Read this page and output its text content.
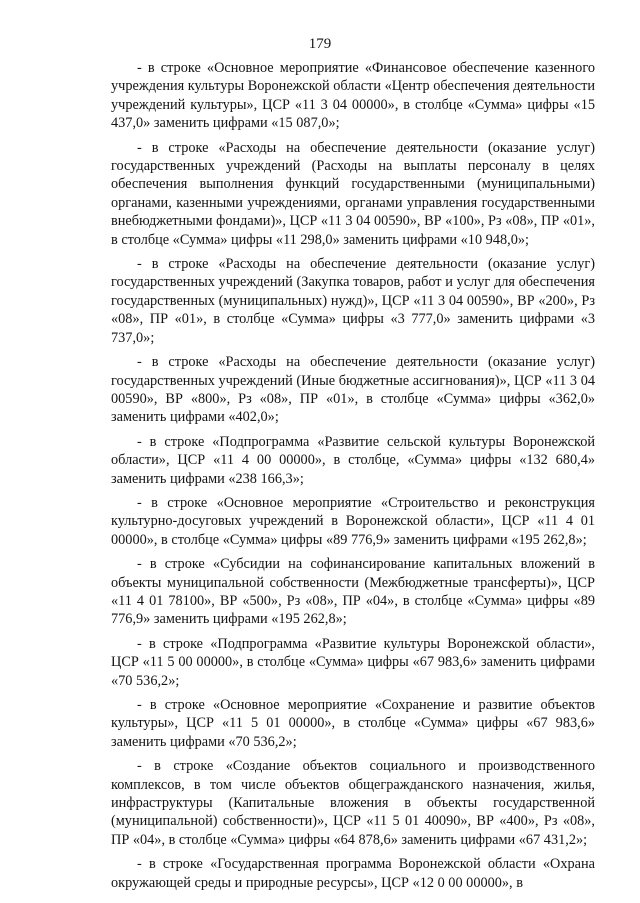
179

- в строке «Основное мероприятие «Финансовое обеспечение казенного учреждения культуры Воронежской области «Центр обеспечения деятельности учреждений культуры», ЦСР «11 3 04 00000», в столбце «Сумма» цифры «15 437,0» заменить цифрами «15 087,0»;

- в строке «Расходы на обеспечение деятельности (оказание услуг) государственных учреждений (Расходы на выплаты персоналу в целях обеспечения выполнения функций государственными (муниципальными) органами, казенными учреждениями, органами управления государственными внебюджетными фондами)», ЦСР «11 3 04 00590», ВР «100», Рз «08», ПР «01», в столбце «Сумма» цифры «11 298,0» заменить цифрами «10 948,0»;

- в строке «Расходы на обеспечение деятельности (оказание услуг) государственных учреждений (Закупка товаров, работ и услуг для обеспечения государственных (муниципальных) нужд)», ЦСР «11 3 04 00590», ВР «200», Рз «08», ПР «01», в столбце «Сумма» цифры «3 777,0» заменить цифрами «3 737,0»;

- в строке «Расходы на обеспечение деятельности (оказание услуг) государственных учреждений (Иные бюджетные ассигнования)», ЦСР «11 3 04 00590», ВР «800», Рз «08», ПР «01», в столбце «Сумма» цифры «362,0» заменить цифрами «402,0»;

- в строке «Подпрограмма «Развитие сельской культуры Воронежской области», ЦСР «11 4 00 00000», в столбце, «Сумма» цифры «132 680,4» заменить цифрами «238 166,3»;

- в строке «Основное мероприятие «Строительство и реконструкция культурно-досуговых учреждений в Воронежской области», ЦСР «11 4 01 00000», в столбце «Сумма» цифры «89 776,9» заменить цифрами «195 262,8»;

- в строке «Субсидии на софинансирование капитальных вложений в объекты муниципальной собственности (Межбюджетные трансферты)», ЦСР «11 4 01 78100», ВР «500», Рз «08», ПР «04», в столбце «Сумма» цифры «89 776,9» заменить цифрами «195 262,8»;

- в строке «Подпрограмма «Развитие культуры Воронежской области», ЦСР «11 5 00 00000», в столбце «Сумма» цифры «67 983,6» заменить цифрами «70 536,2»;

- в строке «Основное мероприятие «Сохранение и развитие объектов культуры», ЦСР «11 5 01 00000», в столбце «Сумма» цифры «67 983,6» заменить цифрами «70 536,2»;

- в строке «Создание объектов социального и производственного комплексов, в том числе объектов общегражданского назначения, жилья, инфраструктуры (Капитальные вложения в объекты государственной (муниципальной) собственности)», ЦСР «11 5 01 40090», ВР «400», Рз «08», ПР «04», в столбце «Сумма» цифры «64 878,6» заменить цифрами «67 431,2»;

- в строке «Государственная программа Воронежской области «Охрана окружающей среды и природные ресурсы», ЦСР «12 0 00 00000», в
